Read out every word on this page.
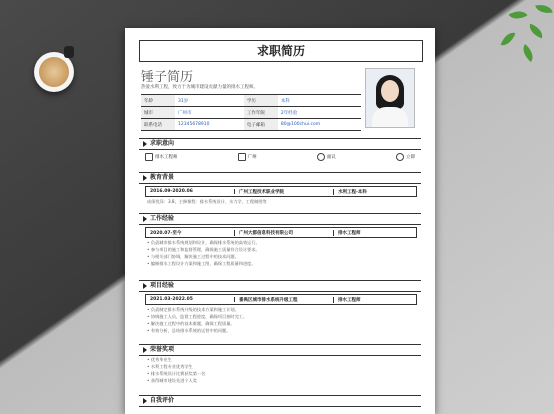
求职简历
锤子简历
热爱水利工程，致力于为城市建设贡献力量的排水工程师。
年龄	31岁	学历	本科
城市	广州市	工作年限	2年经验
联系电话	12345678910	电子邮箱	80@100chui.com
求职意向
排水工程师	广州	面议	立即
教育背景
2016.09-2020.06	广州工程技术职业学院	水利工程-本科
成绩优异：3.8，主修课程：排水系统设计、水力学、工程制图等
工作经验
2020.07-至今	广州大都信息科技有限公司	排水工程师
• 负责城市排水系统规划和设计，确保排水系统的高效运行。
• 参与项目的施工和监督管理，确保施工质量符合设计要求。
• 与相关部门协调，解决施工过程中的技术问题。
• 编制排水工程设计方案和施工图，确保工程质量和进度。
项目经验
2021.03-2022.05	番禺区城市排水系统升级工程	排水工程师
• 负责制定排水系统升级的技术方案和施工计划。
• 协调施工人员，监督工程进度，确保项目按时完工。
• 解决施工过程中的技术难题，确保工程质量。
• 有效分析，总结排水系统的运营中的问题。
荣誉奖项
• 优秀毕业生
• 水利工程专业优秀学生
• 排水系统设计比赛获奖第一名
• 获得城市建设先进个人奖
自我评价
